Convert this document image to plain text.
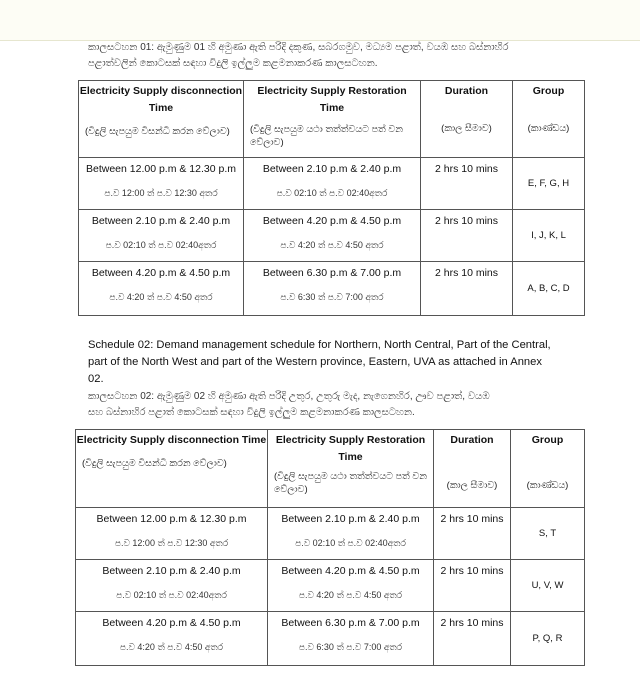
කාලසටහන 01: ඇමුණුම 01 හි අමුණා ඇති පරිදි දකුණ, සබරගමුව, මධ්‍යම පළාත්, වයඹ සහ බස්නාහිර
පළාත්වලින් කොටසක් සඳහා විදුලි ඉල්ලුම කළමනාකරණ කාලසටහන.
Electricity Supply disconnection Time
(විදුලි සැපයුම විසන්ධි කරන වේලාව)	Electricity Supply Restoration Time
(විදුලි සැපයුම යථා තත්ත්වයට පත් වන වේලාව)	Duration
(කාල සීමාව)	Group
(කාණ්ඩය)

Between 12.00 p.m & 12.30 p.m
ප.ව 12:00 ත් ප.ව 12:30 අතර	Between 2.10 p.m & 2.40 p.m
ප.ව 02:10 ත් ප.ව 02:40අතර	2 hrs 10 mins	E, F, G, H

Between 2.10 p.m & 2.40 p.m
ප.ව 02:10 ත් ප.ව 02:40අතර	Between 4.20 p.m & 4.50 p.m
ප.ව 4:20 ත් ප.ව 4:50 අතර	2 hrs 10 mins	I, J, K, L

Between 4.20 p.m & 4.50 p.m
ප.ව 4:20 ත් ප.ව 4:50 අතර	Between 6.30 p.m & 7.00 p.m
ප.ව 6:30 ත් ප.ව 7:00 අතර	2 hrs 10 mins	A, B, C, D
Schedule 02: Demand management schedule for Northern, North Central, Part of the Central,
part of the North West and part of the Western province, Eastern, UVA as attached in Annex
02.
කාලසටහන 02: ඇමුණුම 02 හි අමුණා ඇති පරිදි උතුර, උතුරු මැද, නැගෙනහිර, ඌව පළාත්, වයඹ
සහ බස්නාහිර පළාත් කොටසක් සඳහා විදුලි ඉල්ලුම කළමනාකරණ කාලසටහන.
Electricity Supply disconnection Time
(විදුලි සැපයුම විසන්ධි කරන වේලාව)	Electricity Supply Restoration Time
(විදුලි සැපයුම යථා තත්ත්වයට පත් වන වේලාව)	Duration
(කාල සීමාව)	Group
(කාණ්ඩය)

Between 12.00 p.m & 12.30 p.m
ප.ව 12:00 ත් ප.ව 12:30 අතර	Between 2.10 p.m & 2.40 p.m
ප.ව 02:10 ත් ප.ව 02:40අතර	2 hrs 10 mins	S, T

Between 2.10 p.m & 2.40 p.m
ප.ව 02:10 ත් ප.ව 02:40අතර	Between 4.20 p.m & 4.50 p.m
ප.ව 4:20 ත් ප.ව 4:50 අතර	2 hrs 10 mins	U, V, W

Between 4.20 p.m & 4.50 p.m
ප.ව 4:20 ත් ප.ව 4:50 අතර	Between 6.30 p.m & 7.00 p.m
ප.ව 6:30 ත් ප.ව 7:00 අතර	2 hrs 10 mins	P, Q, R
